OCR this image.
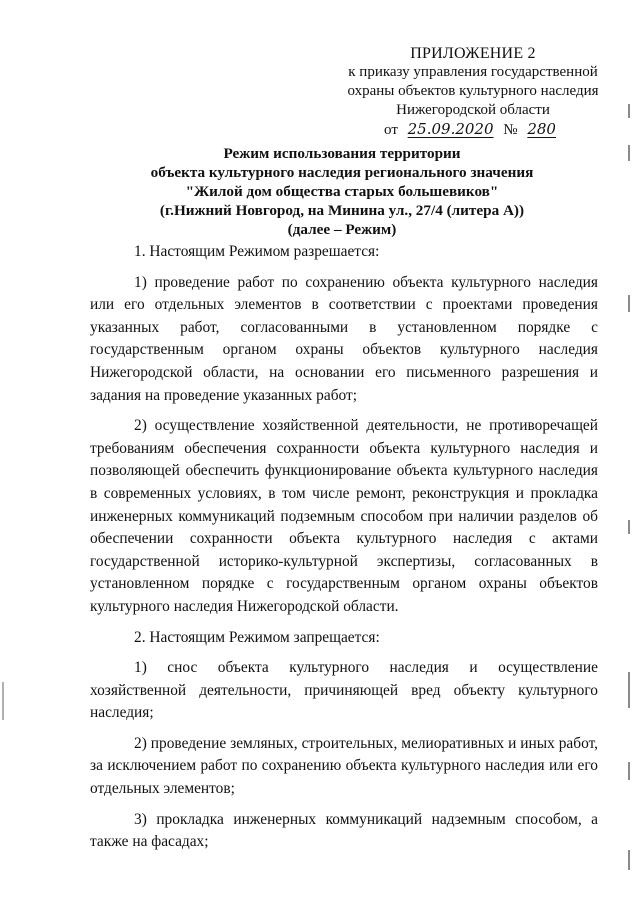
ПРИЛОЖЕНИЕ 2
к приказу управления государственной
охраны объектов культурного наследия
Нижегородской области
от 25.09.2020 № 280
Режим использования территории
объекта культурного наследия регионального значения
"Жилой дом общества старых большевиков"
(г.Нижний Новгород, на Минина ул., 27/4 (литера А))
(далее – Режим)

1. Настоящим Режимом разрешается:

1) проведение работ по сохранению объекта культурного наследия или его отдельных элементов в соответствии с проектами проведения указанных работ, согласованными в установленном порядке с государственным органом охраны объектов культурного наследия Нижегородской области, на основании его письменного разрешения и задания на проведение указанных работ;

2) осуществление хозяйственной деятельности, не противоречащей требованиям обеспечения сохранности объекта культурного наследия и позволяющей обеспечить функционирование объекта культурного наследия в современных условиях, в том числе ремонт, реконструкция и прокладка инженерных коммуникаций подземным способом при наличии разделов об обеспечении сохранности объекта культурного наследия с актами государственной историко-культурной экспертизы, согласованных в установленном порядке с государственным органом охраны объектов культурного наследия Нижегородской области.

2. Настоящим Режимом запрещается:

1) снос объекта культурного наследия и осуществление хозяйственной деятельности, причиняющей вред объекту культурного наследия;

2) проведение земляных, строительных, мелиоративных и иных работ, за исключением работ по сохранению объекта культурного наследия или его отдельных элементов;

3) прокладка инженерных коммуникаций надземным способом, а также на фасадах;
